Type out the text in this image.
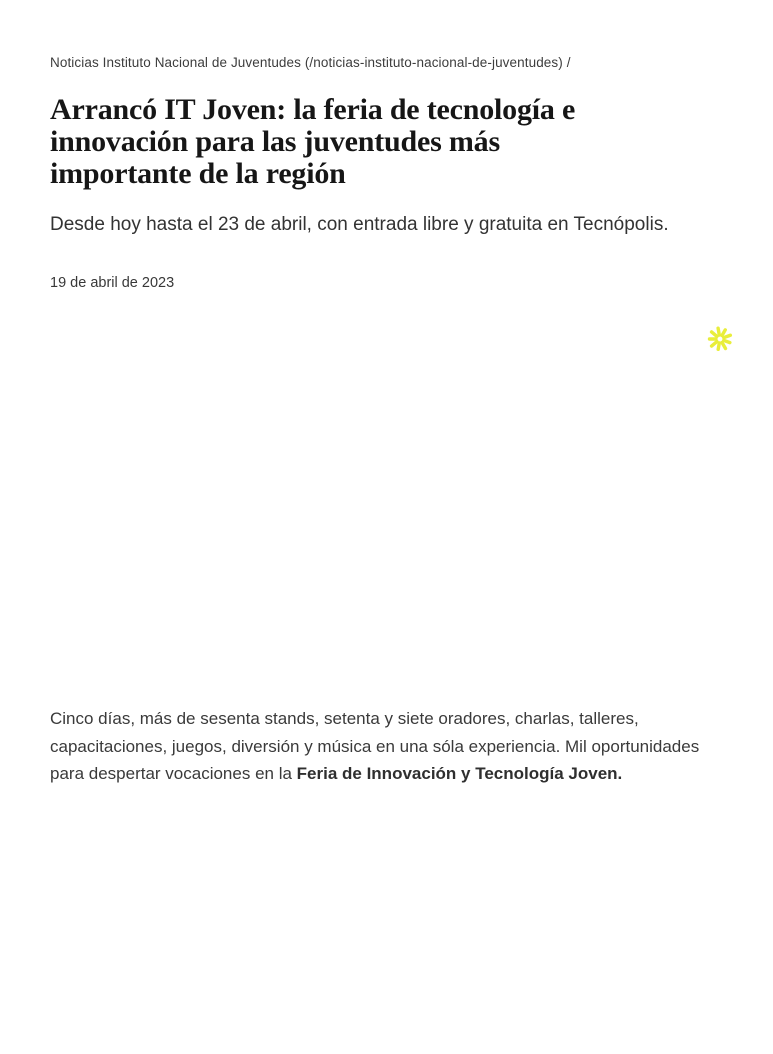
Noticias Instituto Nacional de Juventudes (/noticias-instituto-nacional-de-juventudes) /
Arrancó IT Joven: la feria de tecnología e
innovación para las juventudes más
importante de la región

Desde hoy hasta el 23 de abril, con entrada libre y gratuita en Tecnópolis.

19 de abril de 2023

Cinco días, más de sesenta stands, setenta y siete oradores, charlas, talleres, capacitaciones, juegos, diversión y música en una sóla experiencia. Mil oportunidades para despertar vocaciones en la Feria de Innovación y Tecnología Joven.
